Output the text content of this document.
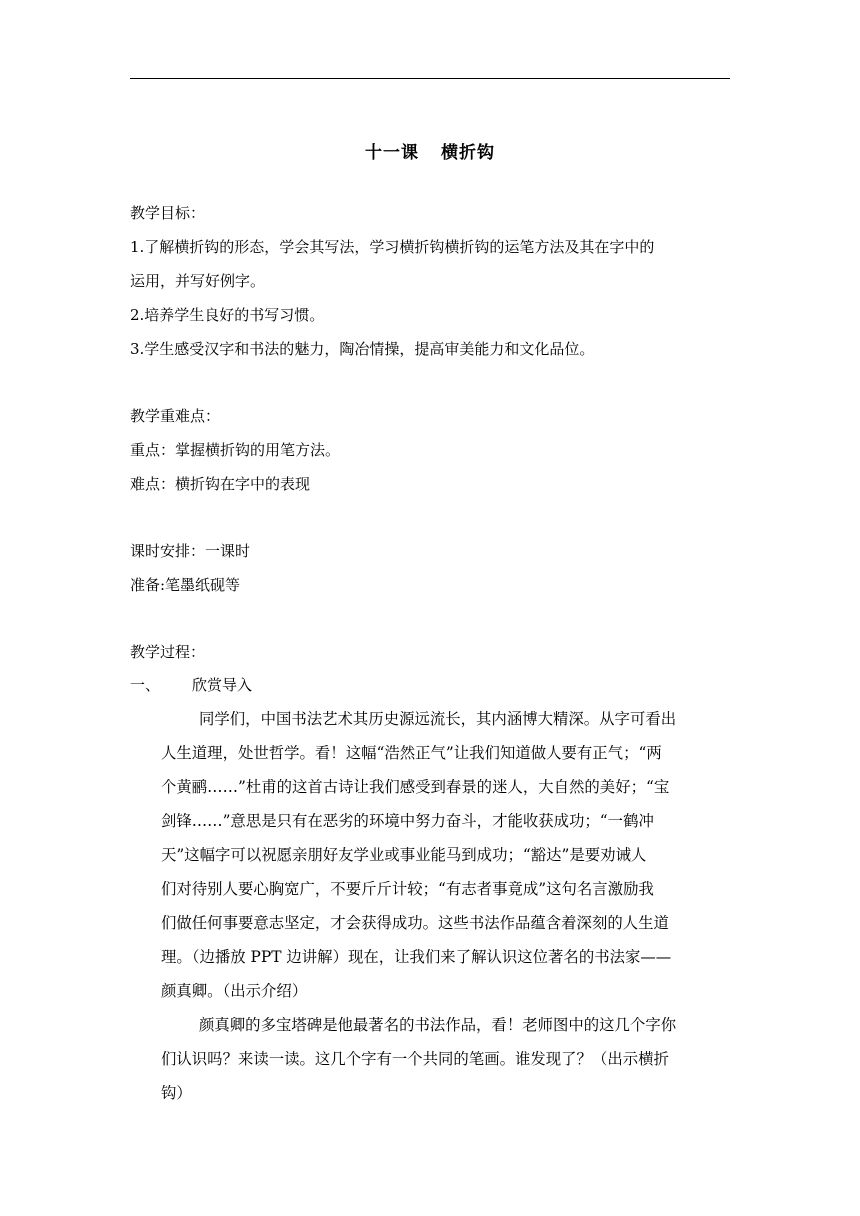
十一课 横折钩
教学目标：
1.了解横折钩的形态，学会其写法，学习横折钩横折钩的运笔方法及其在字中的
运用，并写好例字。
2.培养学生良好的书写习惯。
3.学生感受汉字和书法的魅力，陶冶情操，提高审美能力和文化品位。
教学重难点：
重点：掌握横折钩的用笔方法。
难点：横折钩在字中的表现
课时安排：一课时
准备:笔墨纸砚等
教学过程：
一、 欣赏导入
同学们，中国书法艺术其历史源远流长，其内涵博大精深。从字可看出
人生道理，处世哲学。看！这幅“浩然正气”让我们知道做人要有正气；“两
个黄鹂……”杜甫的这首古诗让我们感受到春景的迷人，大自然的美好；“宝
剑锋……”意思是只有在恶劣的环境中努力奋斗，才能收获成功；“一鹤冲
天”这幅字可以祝愿亲朋好友学业或事业能马到成功；“豁达”是要劝诫人
们对待别人要心胸宽广，不要斤斤计较；“有志者事竟成”这句名言激励我
们做任何事要意志坚定，才会获得成功。这些书法作品蕴含着深刻的人生道
理。（边播放 PPT 边讲解）现在，让我们来了解认识这位著名的书法家——
颜真卿。（出示介绍）
颜真卿的多宝塔碑是他最著名的书法作品，看！老师图中的这几个字你
们认识吗？来读一读。这几个字有一个共同的笔画。谁发现了？（出示横折
钩）
